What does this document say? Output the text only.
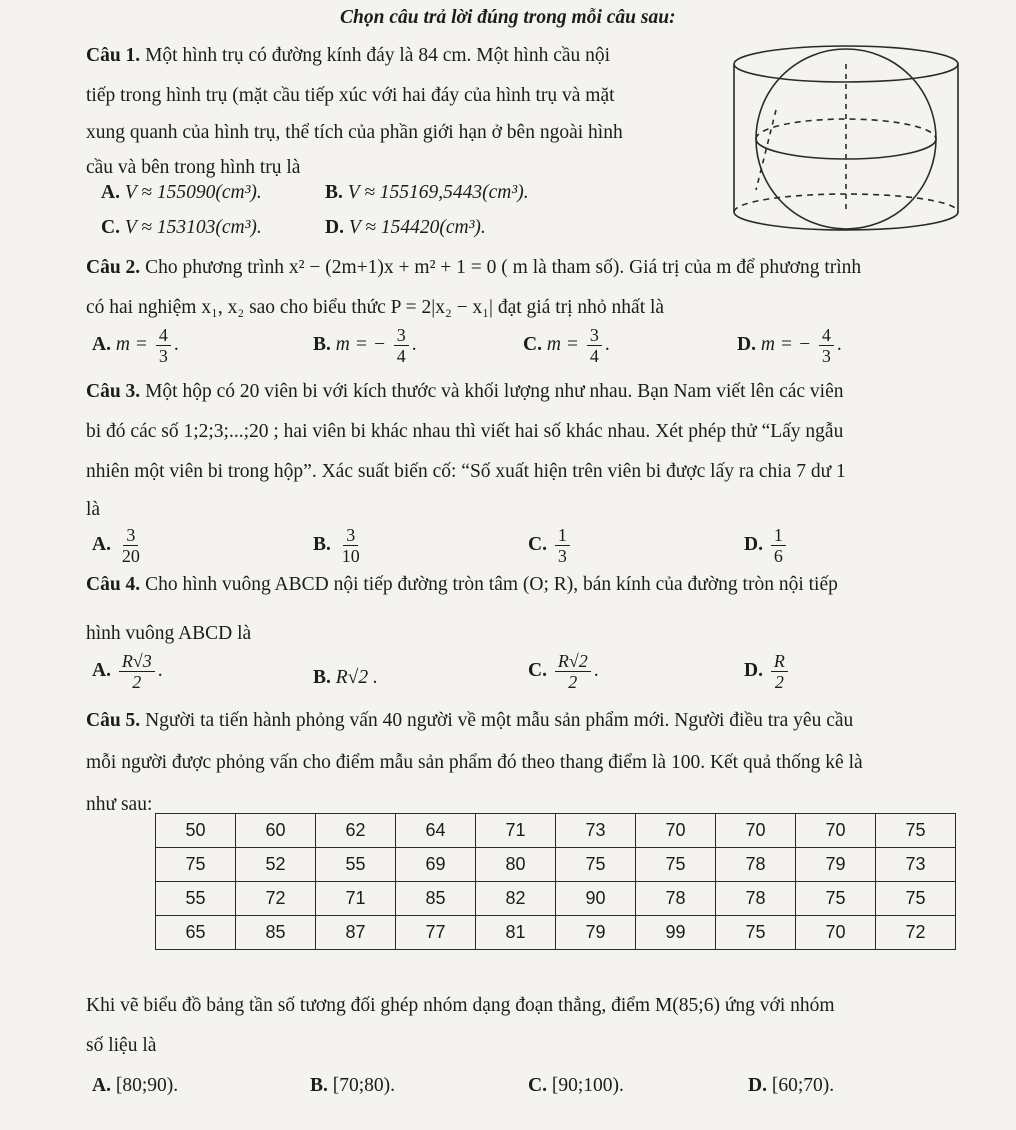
Chọn câu trả lời đúng trong mỗi câu sau:
Câu 1. Một hình trụ có đường kính đáy là 84 cm. Một hình cầu nội
tiếp trong hình trụ (mặt cầu tiếp xúc với hai đáy của hình trụ và mặt
xung quanh của hình trụ, thể tích của phần giới hạn ở bên ngoài hình
cầu và bên trong hình trụ là
A. V ≈ 155090(cm³).	B. V ≈ 155169,5443(cm³).
C. V ≈ 153103(cm³).	D. V ≈ 154420(cm³).
Câu 2. Cho phương trình x² − (2m+1)x + m² + 1 = 0 ( m là tham số). Giá trị của m để phương trình
có hai nghiệm x₁, x₂ sao cho biểu thức P = 2|x₂ − x₁| đạt giá trị nhỏ nhất là
A. $m = \frac{4}{3}$ .	B. m = − $\frac{3}{4}$ .	C. $m = \frac{3}{4}$ .	D. m = − $\frac{4}{3}$ .
Câu 3. Một hộp có 20 viên bi với kích thước và khối lượng như nhau. Bạn Nam viết lên các viên
bi đó các số 1;2;3;...;20 ; hai viên bi khác nhau thì viết hai số khác nhau. Xét phép thử “Lấy ngẫu
nhiên một viên bi trong hộp”. Xác suất biến cố: “Số xuất hiện trên viên bi được lấy ra chia 7 dư 1
là
A. $\frac{3}{20}$	B. $\frac{3}{10}$	C. $\frac{1}{3}$	D. $\frac{1}{6}$
Câu 4. Cho hình vuông ABCD nội tiếp đường tròn tâm (O; R), bán kính của đường tròn nội tiếp
hình vuông ABCD là
A. $\frac{R√3}{2}$ .	B. R√2 .	C. $\frac{R√2}{2}$ .	D. $\frac{R}{2}$
Câu 5. Người ta tiến hành phỏng vấn 40 người về một mẫu sản phẩm mới. Người điều tra yêu cầu
mỗi người được phỏng vấn cho điểm mẫu sản phẩm đó theo thang điểm là 100. Kết quả thống kê là
như sau:
50	60	62	64	71	73	70	70	70	75
75	52	55	69	80	75	75	78	79	73
55	72	71	85	82	90	78	78	75	75
65	85	87	77	81	79	99	75	70	72
Khi vẽ biểu đồ bảng tần số tương đối ghép nhóm dạng đoạn thẳng, điểm M(85;6) ứng với nhóm
số liệu là
A. [80;90).	B. [70;80).	C. [90;100).	D. [60;70).
